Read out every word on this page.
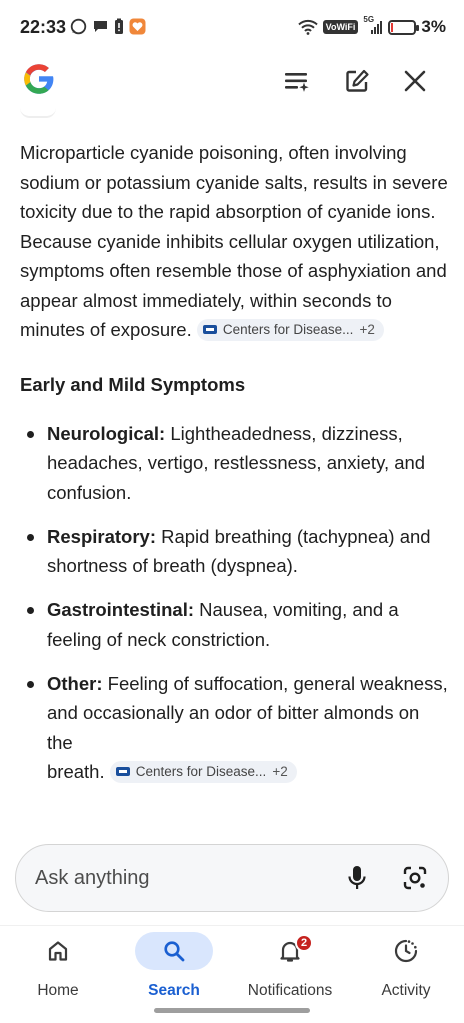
22:33	VoWiFi
5G	3%

Microparticle cyanide poisoning, often involving sodium or potassium cyanide salts, results in severe toxicity due to the rapid absorption of cyanide ions. Because cyanide inhibits cellular oxygen utilization, symptoms often resemble those of asphyxiation and appear almost immediately, within seconds to minutes of exposure. Centers for Disease... +2

Early and Mild Symptoms
Neurological: Lightheadedness, dizziness, headaches, vertigo, restlessness, anxiety, and confusion.
Respiratory: Rapid breathing (tachypnea) and shortness of breath (dyspnea).
Gastrointestinal: Nausea, vomiting, and a feeling of neck constriction.
Other: Feeling of suffocation, general weakness, and occasionally an odor of bitter almonds on the
breath. Centers for Disease... +2
Ask anything
Home	Search
2
Notifications	Activity
